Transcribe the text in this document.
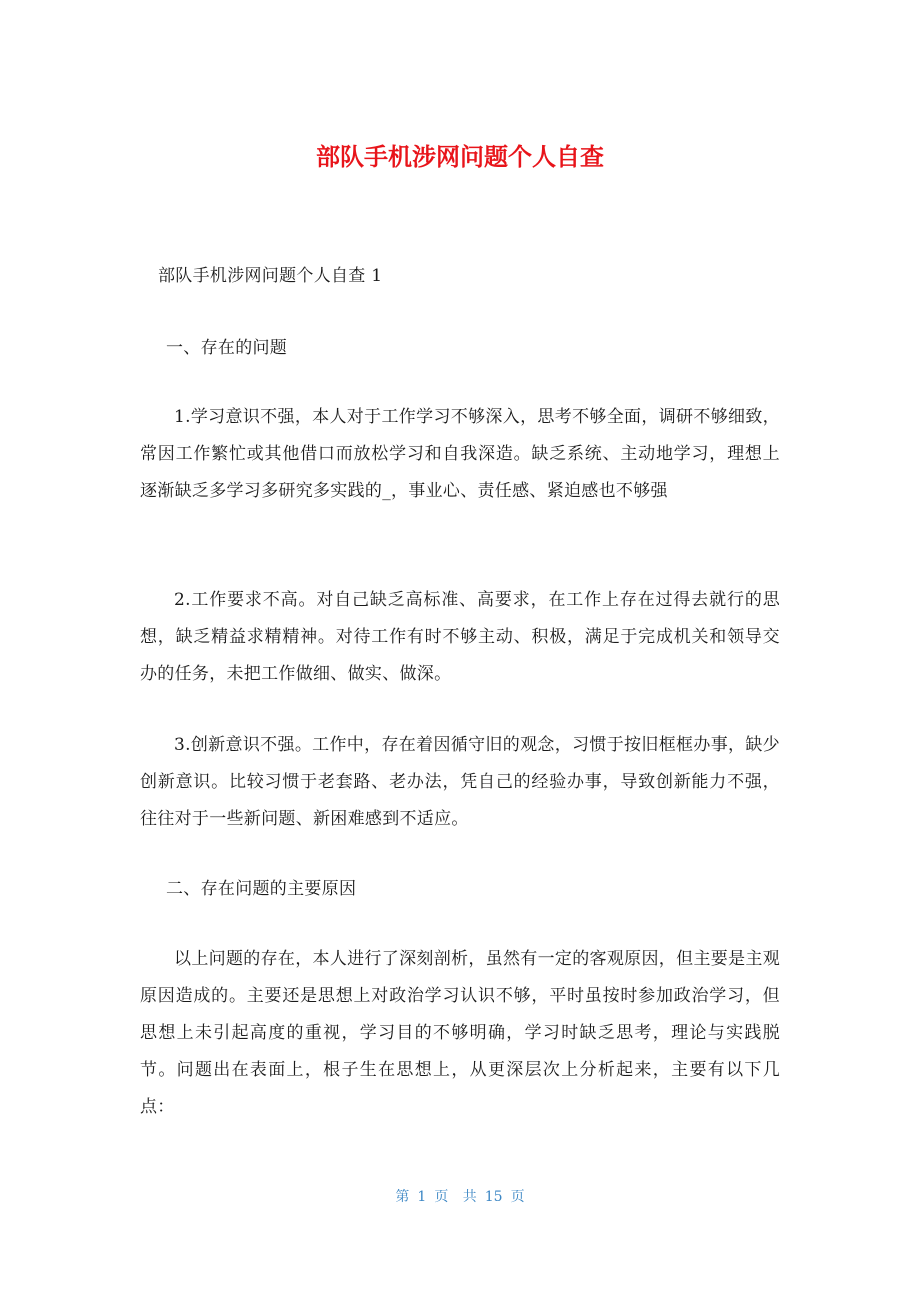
部队手机涉网问题个人自查

部队手机涉网问题个人自查 1

一、存在的问题

1.学习意识不强，本人对于工作学习不够深入，思考不够全面，调研不够细致，常因工作繁忙或其他借口而放松学习和自我深造。缺乏系统、主动地学习，理想上逐渐缺乏多学习多研究多实践的_，事业心、责任感、紧迫感也不够强

2.工作要求不高。对自己缺乏高标准、高要求，在工作上存在过得去就行的思想，缺乏精益求精精神。对待工作有时不够主动、积极，满足于完成机关和领导交办的任务，未把工作做细、做实、做深。

3.创新意识不强。工作中，存在着因循守旧的观念，习惯于按旧框框办事，缺少创新意识。比较习惯于老套路、老办法，凭自己的经验办事，导致创新能力不强，往往对于一些新问题、新困难感到不适应。

二、存在问题的主要原因

以上问题的存在，本人进行了深刻剖析，虽然有一定的客观原因，但主要是主观原因造成的。主要还是思想上对政治学习认识不够，平时虽按时参加政治学习，但思想上未引起高度的重视，学习目的不够明确，学习时缺乏思考，理论与实践脱节。问题出在表面上，根子生在思想上，从更深层次上分析起来，主要有以下几点：

第 1 页 共 15 页
